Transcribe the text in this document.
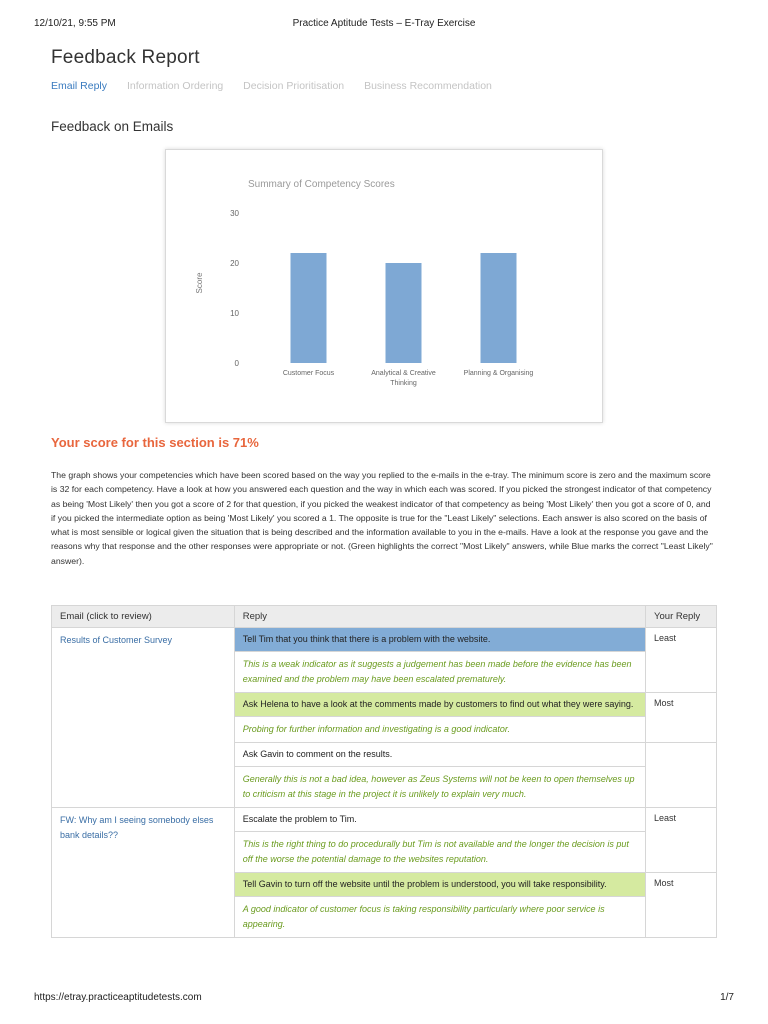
12/10/21, 9:55 PM	Practice Aptitude Tests – E-Tray Exercise
Feedback Report
Email Reply Information Ordering Decision Prioritisation Business Recommendation
Feedback on Emails
Summary of Competency Scores
Score
0
10
20
30
Customer Focus	Analytical & Creative
Thinking
Planning & Organising
Your score for this section is 71%
The graph shows your competencies which have been scored based on the way you replied to the e-mails in the e-tray. The minimum score is zero and the maximum score is 32 for each competency. Have a look at how you answered each question and the way in which each was scored. If you picked the strongest indicator of that competency as being 'Most Likely' then you got a score of 2 for that question, if you picked the weakest indicator of that competency as being 'Most Likely' then you got a score of 0, and if you picked the intermediate option as being 'Most Likely' you scored a 1. The opposite is true for the "Least Likely" selections. Each answer is also scored on the basis of what is most sensible or logical given the situation that is being described and the information available to you in the e-mails. Have a look at the response you gave and the reasons why that response and the other responses were appropriate or not. (Green highlights the correct "Most Likely" answers, while Blue marks the correct "Least Likely" answer).
Email (click to review)	Reply	Your Reply
Results of Customer Survey	Tell Tim that you think that there is a problem with the website.
This is a weak indicator as it suggests a judgement has been made before the evidence has been examined and the problem may have been escalated prematurely.	Least

	Ask Helena to have a look at the comments made by customers to find out what they were saying.
Probing for further information and investigating is a good indicator.	Most

	Ask Gavin to comment on the results.
Generally this is not a bad idea, however as Zeus Systems will not be keen to open themselves up to criticism at this stage in the project it is unlikely to explain very much.	

FW: Why am I seeing somebody elses bank details??	Escalate the problem to Tim.
This is the right thing to do procedurally but Tim is not available and the longer the decision is put off the worse the potential damage to the websites reputation.	Least

	Tell Gavin to turn off the website until the problem is understood, you will take responsibility.
A good indicator of customer focus is taking responsibility particularly where poor service is appearing.	Most
https://etray.practiceaptitudetests.com	1/7
